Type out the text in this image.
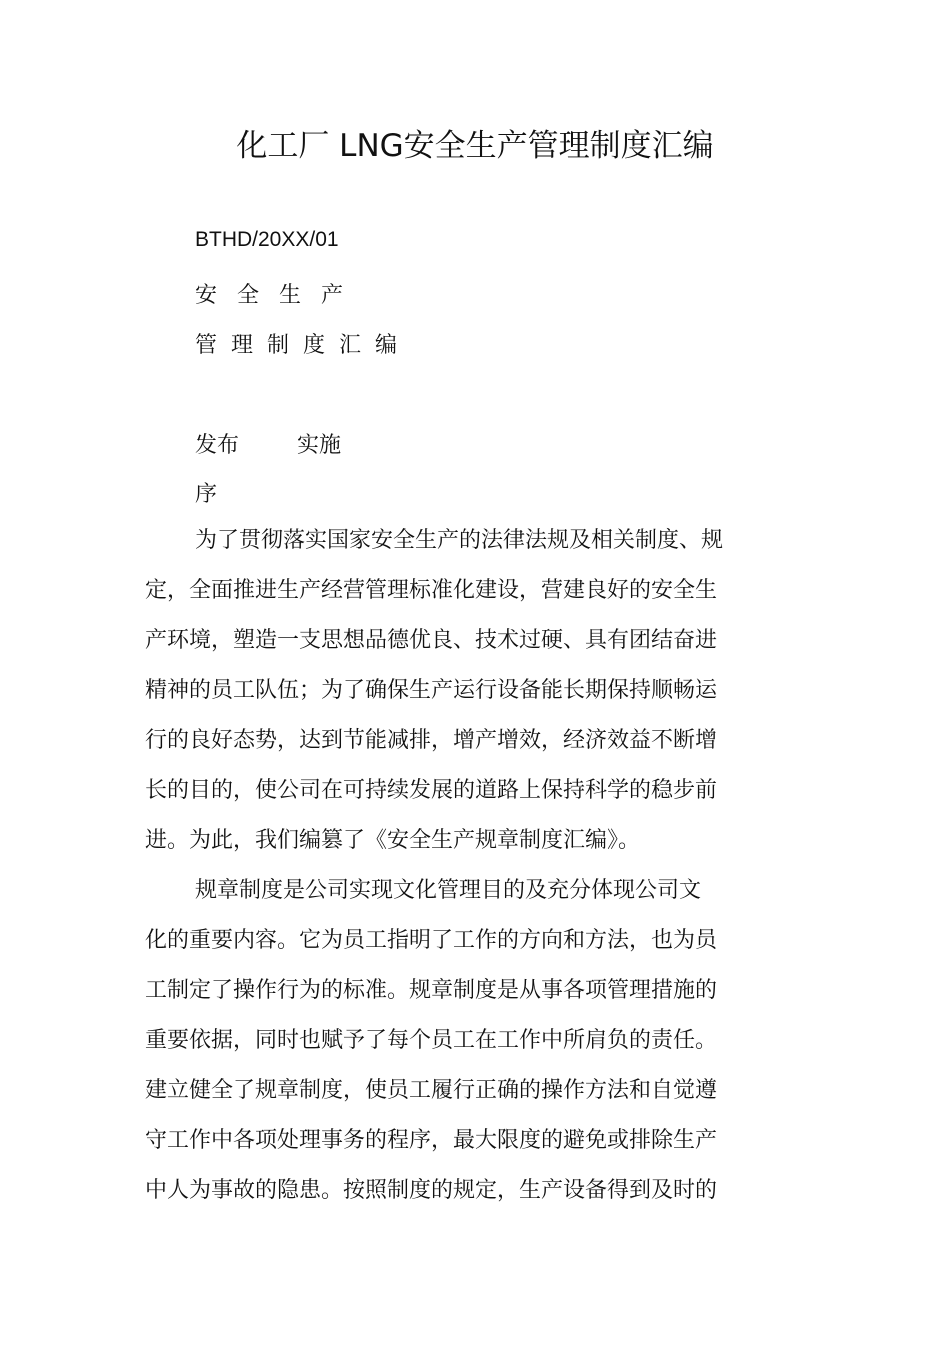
化工厂 LNG安全生产管理制度汇编
BTHD/20XX/01
安全生产
管理制度汇编
发布	实施
序
为了贯彻落实国家安全生产的法律法规及相关制度、规
定，全面推进生产经营管理标准化建设，营建良好的安全生
产环境，塑造一支思想品德优良、技术过硬、具有团结奋进
精神的员工队伍；为了确保生产运行设备能长期保持顺畅运
行的良好态势，达到节能减排，增产增效，经济效益不断增
长的目的，使公司在可持续发展的道路上保持科学的稳步前
进。为此，我们编篡了《安全生产规章制度汇编》。
规章制度是公司实现文化管理目的及充分体现公司文
化的重要内容。它为员工指明了工作的方向和方法，也为员
工制定了操作行为的标准。规章制度是从事各项管理措施的
重要依据，同时也赋予了每个员工在工作中所肩负的责任。
建立健全了规章制度，使员工履行正确的操作方法和自觉遵
守工作中各项处理事务的程序，最大限度的避免或排除生产
中人为事故的隐患。按照制度的规定，生产设备得到及时的
